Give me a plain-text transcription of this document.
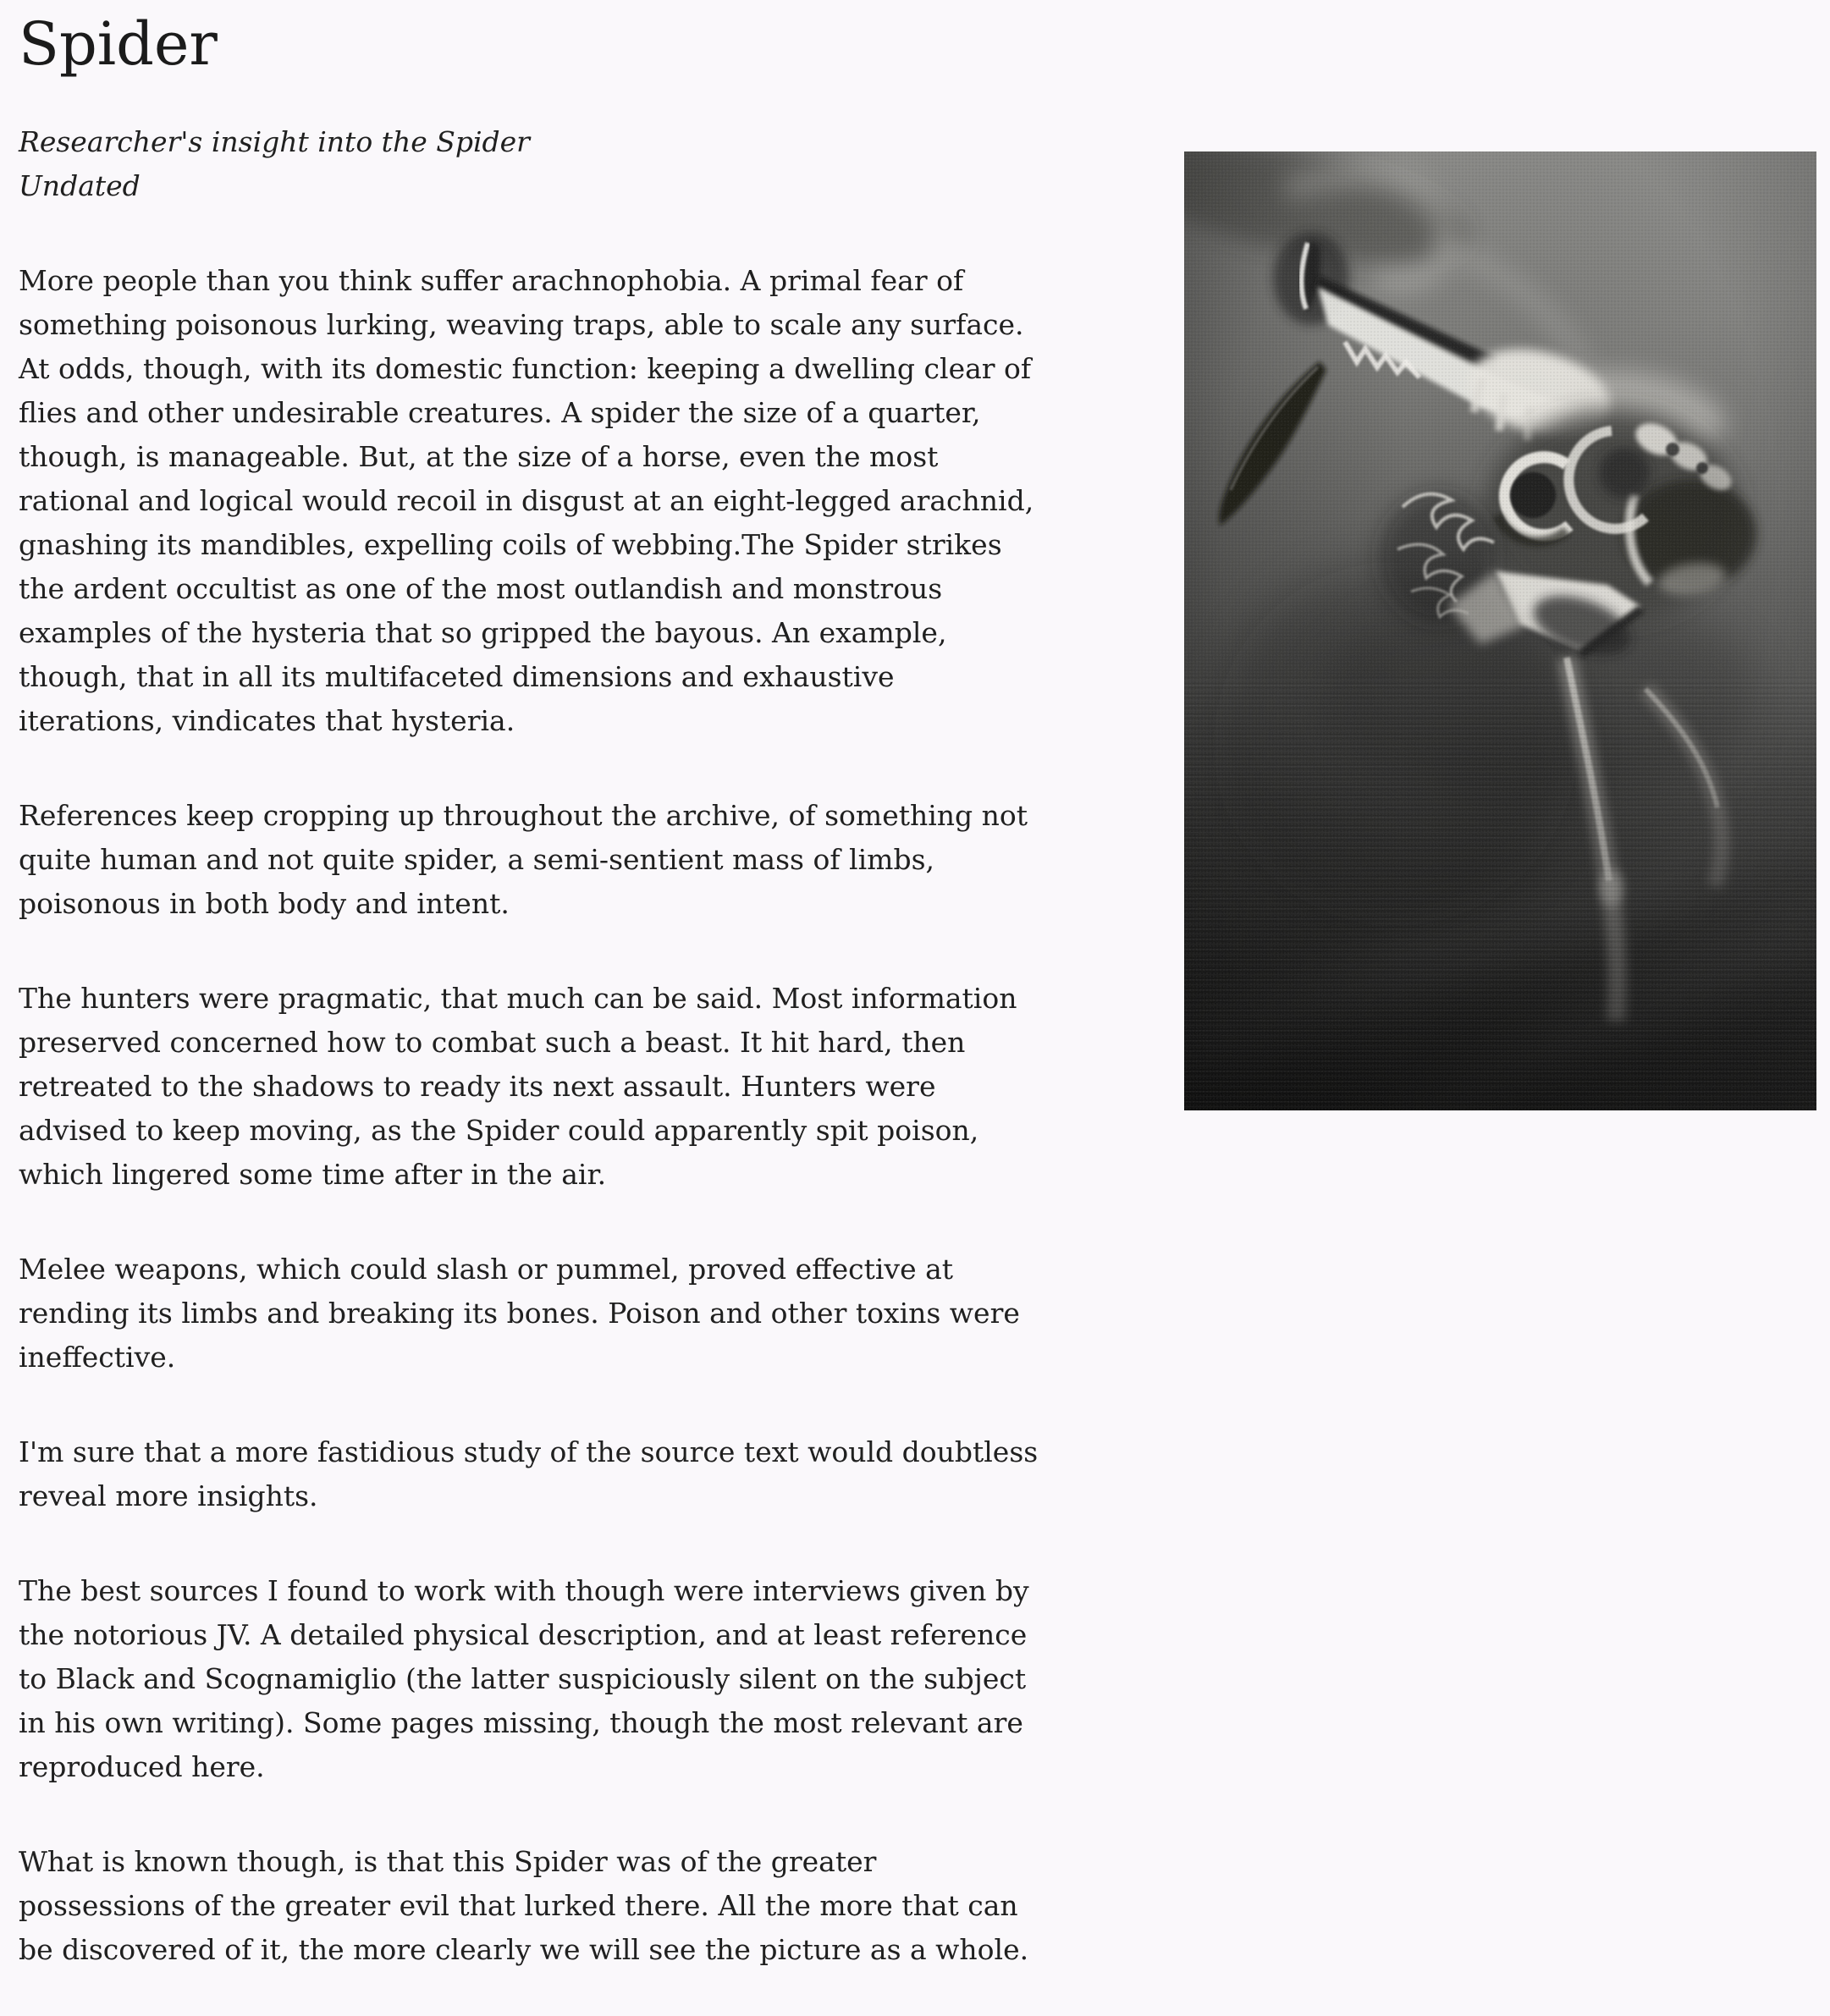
Spider
Researcher's insight into the Spider
Undated

More people than you think suffer arachnophobia. A primal fear of something poisonous lurking, weaving traps, able to scale any surface. At odds, though, with its domestic function: keeping a dwelling clear of flies and other undesirable creatures. A spider the size of a quarter, though, is manageable. But, at the size of a horse, even the most rational and logical would recoil in disgust at an eight-legged arachnid, gnashing its mandibles, expelling coils of webbing.The Spider strikes the ardent occultist as one of the most outlandish and monstrous examples of the hysteria that so gripped the bayous. An example, though, that in all its multifaceted dimensions and exhaustive iterations, vindicates that hysteria.

References keep cropping up throughout the archive, of something not quite human and not quite spider, a semi-sentient mass of limbs, poisonous in both body and intent.

The hunters were pragmatic, that much can be said. Most information preserved concerned how to combat such a beast. It hit hard, then retreated to the shadows to ready its next assault. Hunters were advised to keep moving, as the Spider could apparently spit poison, which lingered some time after in the air.

Melee weapons, which could slash or pummel, proved effective at rending its limbs and breaking its bones. Poison and other toxins were ineffective.

I'm sure that a more fastidious study of the source text would doubtless reveal more insights.

The best sources I found to work with though were interviews given by the notorious JV. A detailed physical description, and at least reference to Black and Scognamiglio (the latter suspiciously silent on the subject in his own writing). Some pages missing, though the most relevant are reproduced here.

What is known though, is that this Spider was of the greater possessions of the greater evil that lurked there. All the more that can be discovered of it, the more clearly we will see the picture as a whole.
